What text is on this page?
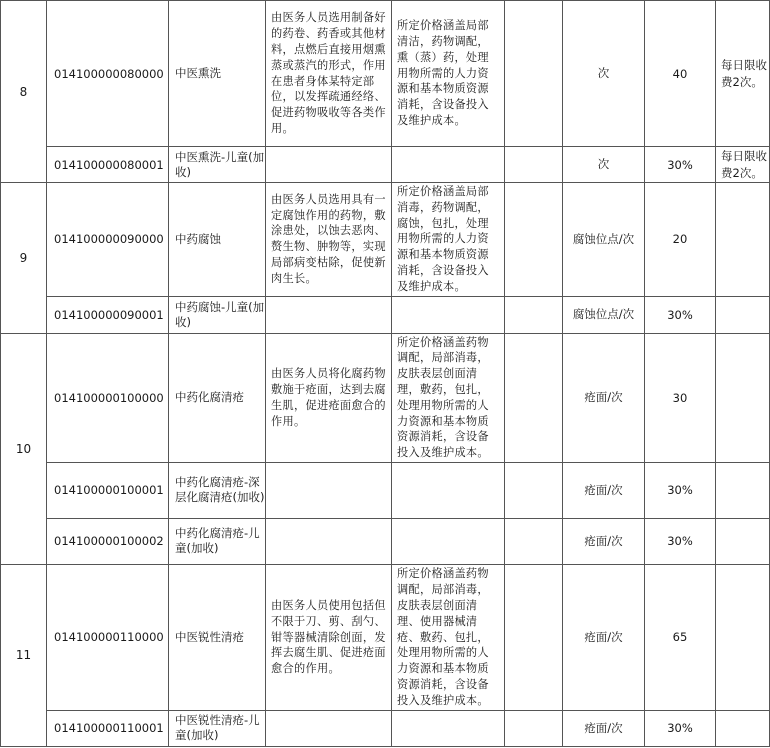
8	014100000080000	中医熏洗	由医务人员选用制备好的药卷、药香或其他材料，点燃后直接用烟熏蒸或蒸汽的形式，作用在患者身体某特定部位，以发挥疏通经络、促进药物吸收等各类作用。	所定价格涵盖局部清洁，药物调配，熏（蒸）药，处理用物所需的人力资源和基本物质资源消耗，含设备投入及维护成本。		次	40	每日限收费2次。
	014100000080001	中医熏洗-儿童(加收)				次	30%	每日限收费2次。
9	014100000090000	中药腐蚀	由医务人员选用具有一定腐蚀作用的药物，敷涂患处，以蚀去恶肉、赘生物、肿物等，实现局部病变枯除，促使新肉生长。	所定价格涵盖局部消毒，药物调配，腐蚀，包扎，处理用物所需的人力资源和基本物质资源消耗，含设备投入及维护成本。		腐蚀位点/次	20	
	014100000090001	中药腐蚀-儿童(加收)				腐蚀位点/次	30%	
10	014100000100000	中药化腐清疮	由医务人员将化腐药物敷施于疮面，达到去腐生肌，促进疮面愈合的作用。	所定价格涵盖药物调配，局部消毒，皮肤表层创面清理，敷药，包扎，处理用物所需的人力资源和基本物质资源消耗，含设备投入及维护成本。		疮面/次	30	
	014100000100001	中药化腐清疮-深层化腐清疮(加收)				疮面/次	30%	
	014100000100002	中药化腐清疮-儿童(加收)				疮面/次	30%	
11	014100000110000	中医锐性清疮	由医务人员使用包括但不限于刀、剪、刮勺、钳等器械清除创面，发挥去腐生肌、促进疮面愈合的作用。	所定价格涵盖药物调配，局部消毒，皮肤表层创面清理、使用器械清疮、敷药、包扎，处理用物所需的人力资源和基本物质资源消耗，含设备投入及维护成本。		疮面/次	65	
	014100000110001	中医锐性清疮-儿童(加收)				疮面/次	30%	
